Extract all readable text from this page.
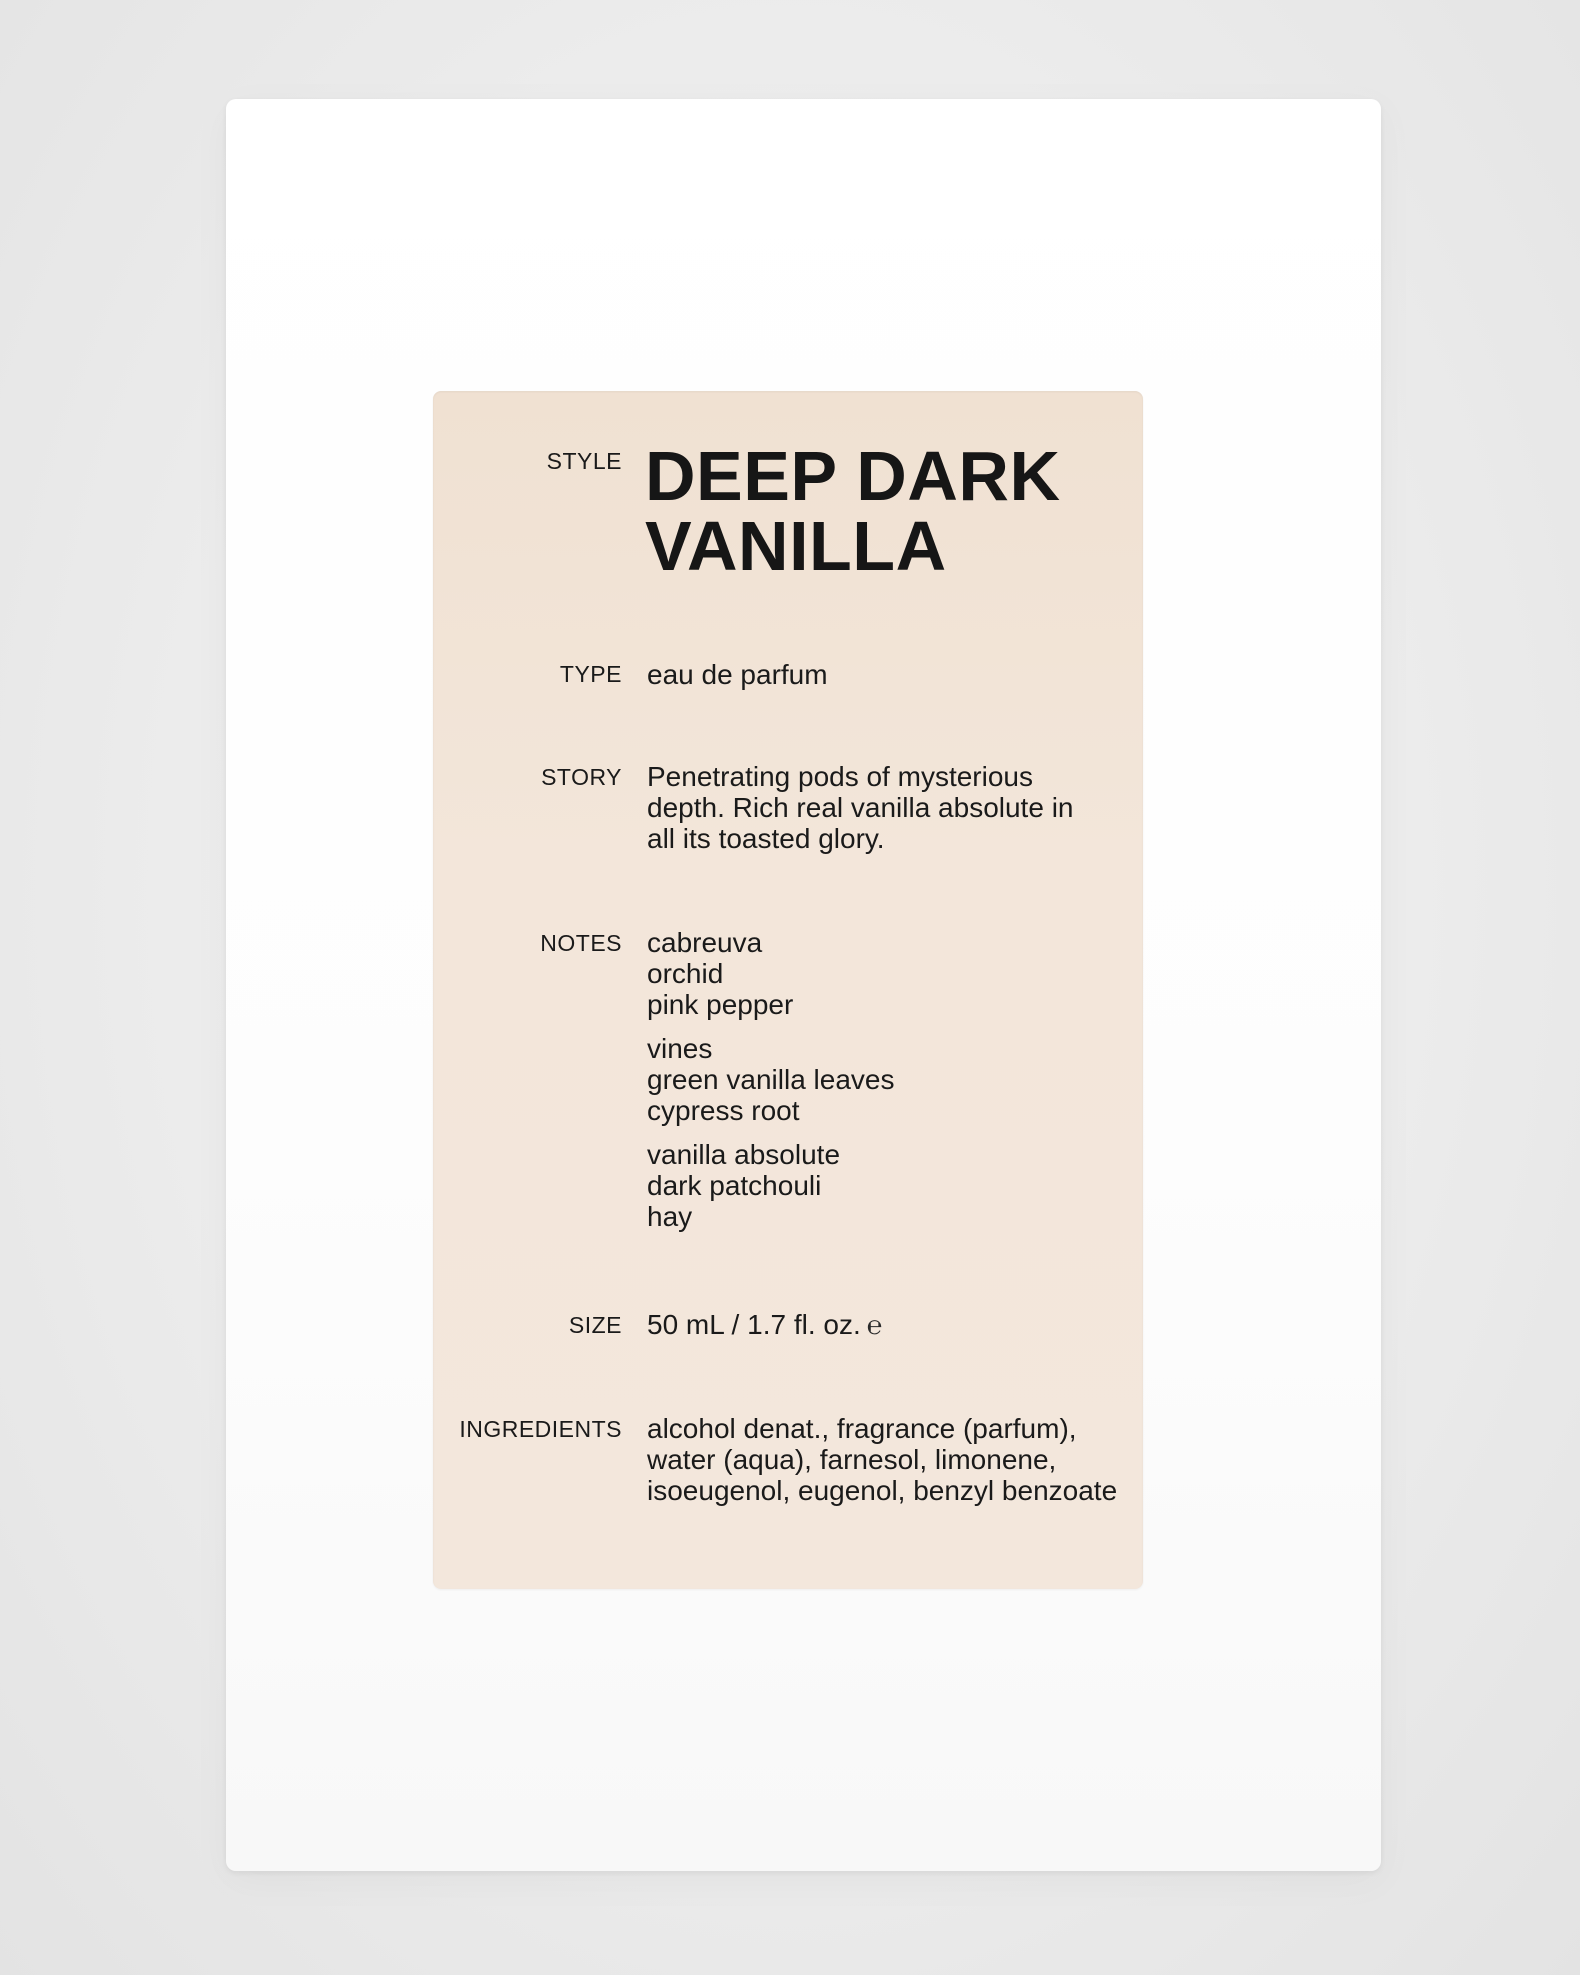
STYLE DEEP DARK
VANILLA
TYPE eau de parfum
STORY Penetrating pods of mysterious depth. Rich real vanilla absolute in all its toasted glory.
NOTES cabreuva
orchid
pink pepper
vines
green vanilla leaves
cypress root
vanilla absolute
dark patchouli
hay
SIZE 50 mL / 1.7 fl. oz. ℮
INGREDIENTS alcohol denat., fragrance (parfum), water (aqua), farnesol, limonene, isoeugenol, eugenol, benzyl benzoate
